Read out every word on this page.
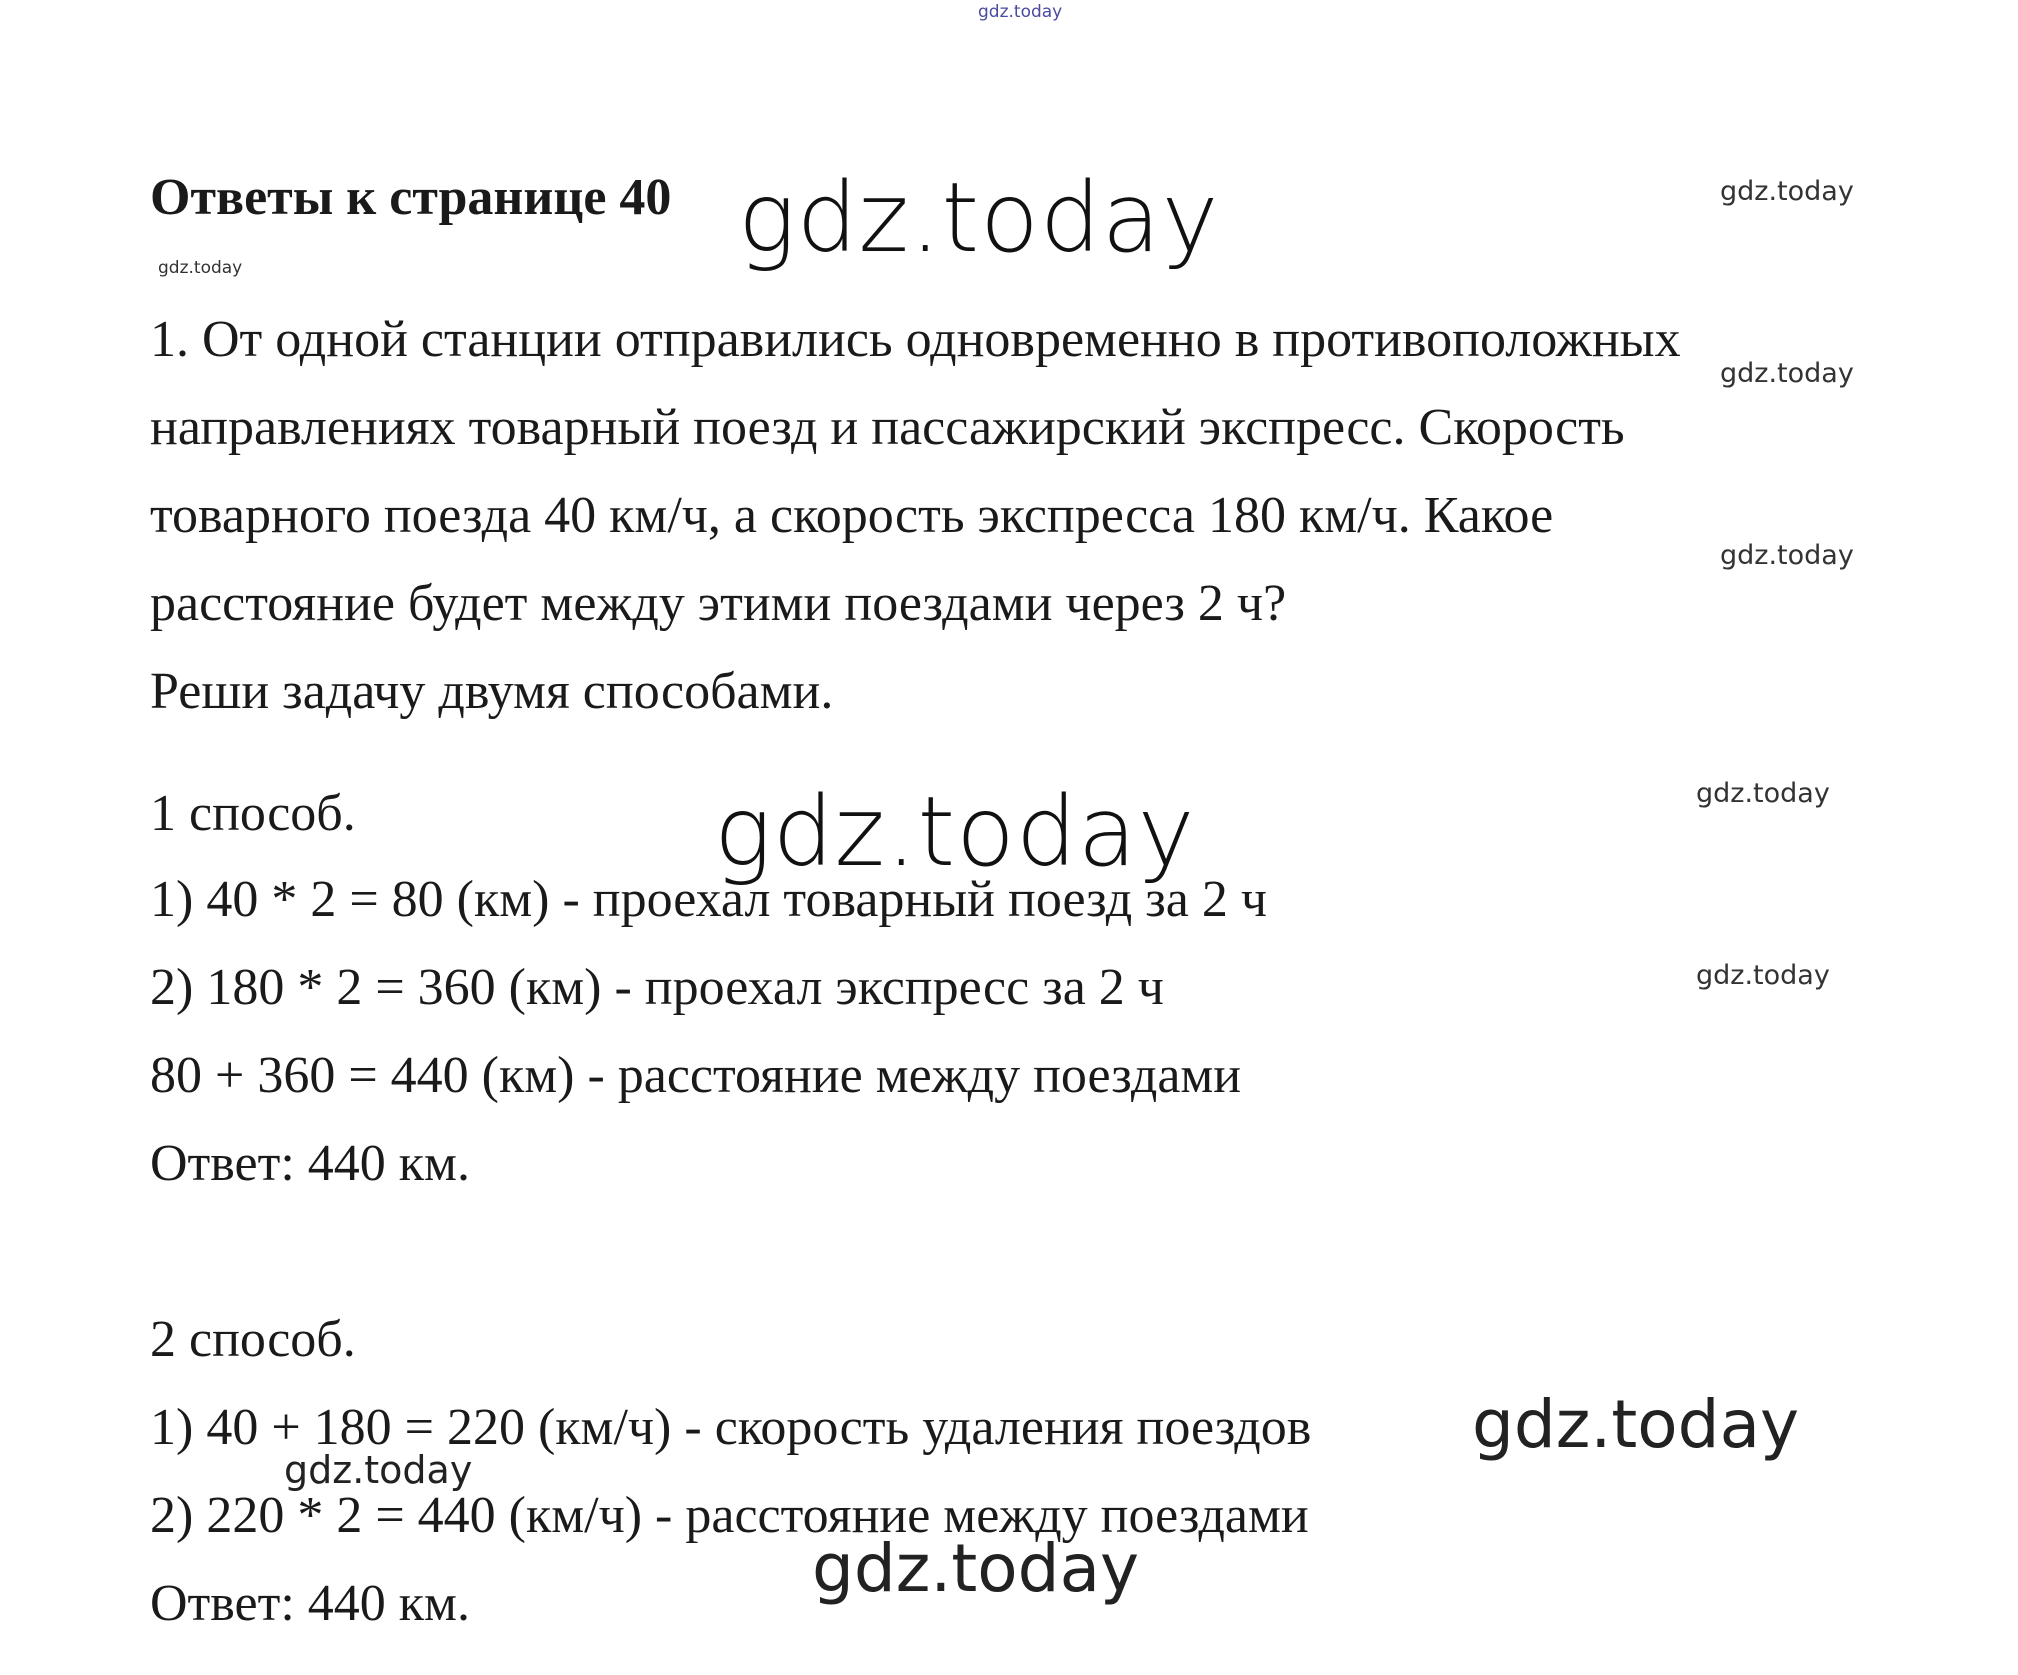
gdz.today
Ответы к странице 40 gdz.today	gdz.today
gdz.today
1. От одной станции отправились одновременно в противоположных
gdz.today
направлениях товарный поезд и пассажирский экспресс. Скорость
товарного поезда 40 км/ч, а скорость экспресса 180 км/ч. Какое
gdz.today
расстояние будет между этими поездами через 2 ч?
Реши задачу двумя способами.
1 способ.	gdz.today	gdz.today
1) 40 * 2 = 80 (км) - проехал товарный поезд за 2 ч
2) 180 * 2 = 360 (км) - проехал экспресс за 2 ч	gdz.today
80 + 360 = 440 (км) - расстояние между поездами
Ответ: 440 км.
2 способ.
1) 40 + 180 = 220 (км/ч) - скорость удаления поездов gdz.today
gdz.today
2) 220 * 2 = 440 (км/ч) - расстояние между поездами
gdz.today
Ответ: 440 км.
